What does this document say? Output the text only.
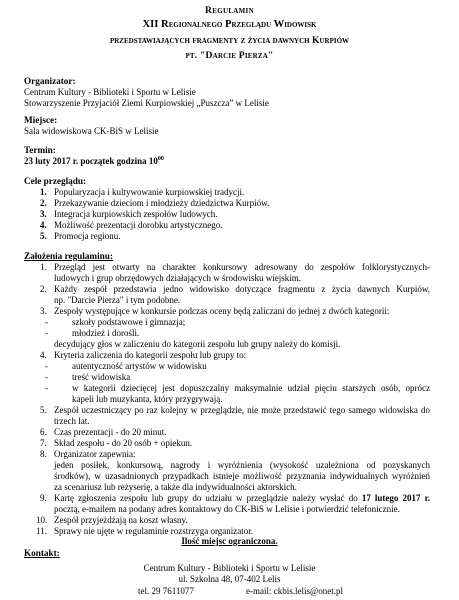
Regulamin
XII Regionalnego Przeglądu Widowisk
przedstawiających fragmenty z życia dawnych Kurpiów
pt. "Darcie Pierza"
Organizator:
Centrum Kultury - Biblioteki i Sportu w Lelisie
Stowarzyszenie Przyjaciół Ziemi Kurpiowskiej „Puszcza” w Lelisie
Miejsce:
Sala widowiskowa CK-BiS w Lelisie
Termin:
23 luty 2017 r. początek godzina $10^{00}$
Cele przeglądu:
1. Popularyzacja i kultywowanie kurpiowskiej tradycji.
2. Przekazywanie dzieciom i młodzieży dziedzictwa Kurpiów.
3. Integracja kurpiowskich zespołów ludowych.
4. Możliwość prezentacji dorobku artystycznego.
5. Promocja regionu.
Założenia regulaminu:
1. Przegląd jest otwarty na charakter konkursowy adresowany do zespołów folklorystycznych-
ludowych i grup obrzędowych działających w środowisku wiejskim.
2. Każdy zespół przedstawia jedno widowisko dotyczące fragmentu z życia dawnych Kurpiów,
np. "Darcie Pierza" i tym podobne.
3. Zespoły występujące w konkursie podczas oceny będą zaliczani do jednej z dwóch kategorii:
-	szkoły podstawowe i gimnazja;
-	młodzież i dorośli.
decydujący głos w zaliczeniu do kategorii zespołu lub grupy należy do komisji.
4. Kryteria zaliczenia do kategorii zespołu lub grupy to:
-	autentyczność artystów w widowisku
-	treść widowiska
-	w kategorii dziecięcej jest dopuszczalny maksymalnie udział pięciu starszych osób, oprócz
kapeli lub muzykanta, który przygrywają.
5. Zespół uczestniczący po raz kolejny w przeglądzie, nie może przedstawić tego samego widowiska do
trzech lat.
6. Czas prezentacji - do 20 minut.
7. Skład zespołu - do 20 osób + opiekun.
8. Organizator zapewnia:
jeden posiłek, konkursową, nagrody i wyróżnienia (wysokość uzależniona od pozyskanych
środków), w uzasadnionych przypadkach istnieje możliwość przyznania indywidualnych wyróżnień
za scenariusz lub reżyserię, a także dla indywidualności aktorskich.
9. Kartę zgłoszenia zespołu lub grupy do udziału w przeglądzie należy wysłać do 17 lutego 2017 r.
pocztą, e-mailem na podany adres kontaktowy do CK-BiS w Lelisie i potwierdzić telefonicznie.
10. Zespół przyjeżdżają na koszt własny.
11. Sprawy nie ujęte w regulaminie rozstrzyga organizator.
Ilość miejsc ograniczona.
Kontakt:
Centrum Kultury - Biblioteki i Sportu w Lelisie
ul. Szkolna 48, 07-402 Lelis
tel. 29 7611077	e-mail: ckbis.lelis@onet.pl
